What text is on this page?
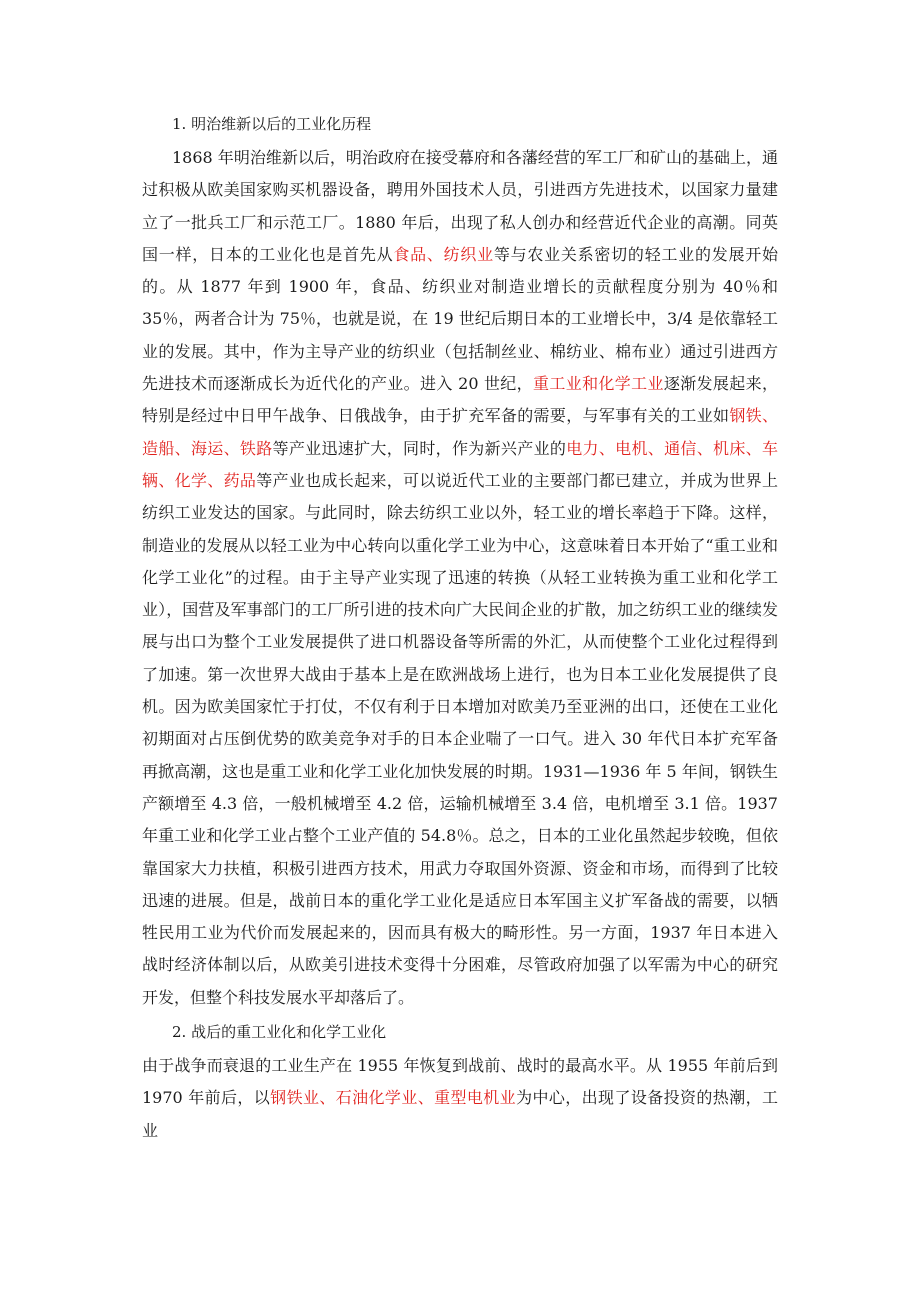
1. 明治维新以后的工业化历程

1868 年明治维新以后，明治政府在接受幕府和各藩经营的军工厂和矿山的基础上，通过积极从欧美国家购买机器设备，聘用外国技术人员，引进西方先进技术，以国家力量建立了一批兵工厂和示范工厂。1880 年后，出现了私人创办和经营近代企业的高潮。同英国一样，日本的工业化也是首先从食品、纺织业等与农业关系密切的轻工业的发展开始的。从 1877 年到 1900 年，食品、纺织业对制造业增长的贡献程度分别为 40％和 35％，两者合计为 75％，也就是说，在 19 世纪后期日本的工业增长中，3/4 是依靠轻工业的发展。其中，作为主导产业的纺织业（包括制丝业、棉纺业、棉布业）通过引进西方先进技术而逐渐成长为近代化的产业。进入 20 世纪，重工业和化学工业逐渐发展起来，特别是经过中日甲午战争、日俄战争，由于扩充军备的需要，与军事有关的工业如钢铁、造船、海运、铁路等产业迅速扩大，同时，作为新兴产业的电力、电机、通信、机床、车辆、化学、药品等产业也成长起来，可以说近代工业的主要部门都已建立，并成为世界上纺织工业发达的国家。与此同时，除去纺织工业以外，轻工业的增长率趋于下降。这样，制造业的发展从以轻工业为中心转向以重化学工业为中心，这意味着日本开始了“重工业和化学工业化”的过程。由于主导产业实现了迅速的转换（从轻工业转换为重工业和化学工业），国营及军事部门的工厂所引进的技术向广大民间企业的扩散，加之纺织工业的继续发展与出口为整个工业发展提供了进口机器设备等所需的外汇，从而使整个工业化过程得到了加速。第一次世界大战由于基本上是在欧洲战场上进行，也为日本工业化发展提供了良机。因为欧美国家忙于打仗，不仅有利于日本增加对欧美乃至亚洲的出口，还使在工业化初期面对占压倒优势的欧美竞争对手的日本企业喘了一口气。进入 30 年代日本扩充军备再掀高潮，这也是重工业和化学工业化加快发展的时期。1931—1936 年 5 年间，钢铁生产额增至 4.3 倍，一般机械增至 4.2 倍，运输机械增至 3.4 倍，电机增至 3.1 倍。1937 年重工业和化学工业占整个工业产值的 54.8％。总之，日本的工业化虽然起步较晚，但依靠国家大力扶植，积极引进西方技术，用武力夺取国外资源、资金和市场，而得到了比较迅速的进展。但是，战前日本的重化学工业化是适应日本军国主义扩军备战的需要，以牺牲民用工业为代价而发展起来的，因而具有极大的畸形性。另一方面，1937 年日本进入战时经济体制以后，从欧美引进技术变得十分困难，尽管政府加强了以军需为中心的研究开发，但整个科技发展水平却落后了。

2. 战后的重工业化和化学工业化

由于战争而衰退的工业生产在 1955 年恢复到战前、战时的最高水平。从 1955 年前后到 1970 年前后，以钢铁业、石油化学业、重型电机业为中心，出现了设备投资的热潮，工业
